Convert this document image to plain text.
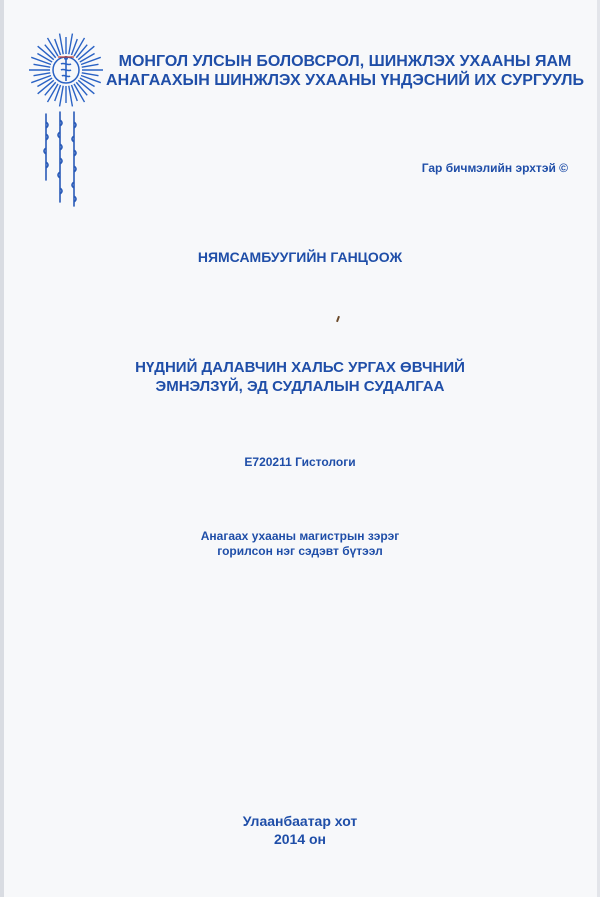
МОНГОЛ УЛСЫН БОЛОВСРОЛ, ШИНЖЛЭХ УХААНЫ ЯАМ
АНАГААХЫН ШИНЖЛЭХ УХААНЫ ҮНДЭСНИЙ ИХ СУРГУУЛЬ
Гар бичмэлийн эрхтэй ©
НЯМСАМБУУГИЙН ГАНЦООЖ
НҮДНИЙ ДАЛАВЧИН ХАЛЬС УРГАХ ӨВЧНИЙ
ЭМНЭЛЗҮЙ, ЭД СУДЛАЛЫН СУДАЛГАА
Е720211 Гистологи
Анагаах ухааны магистрын зэрэг
горилсон нэг сэдэвт бүтээл
Улаанбаатар хот
2014 он
